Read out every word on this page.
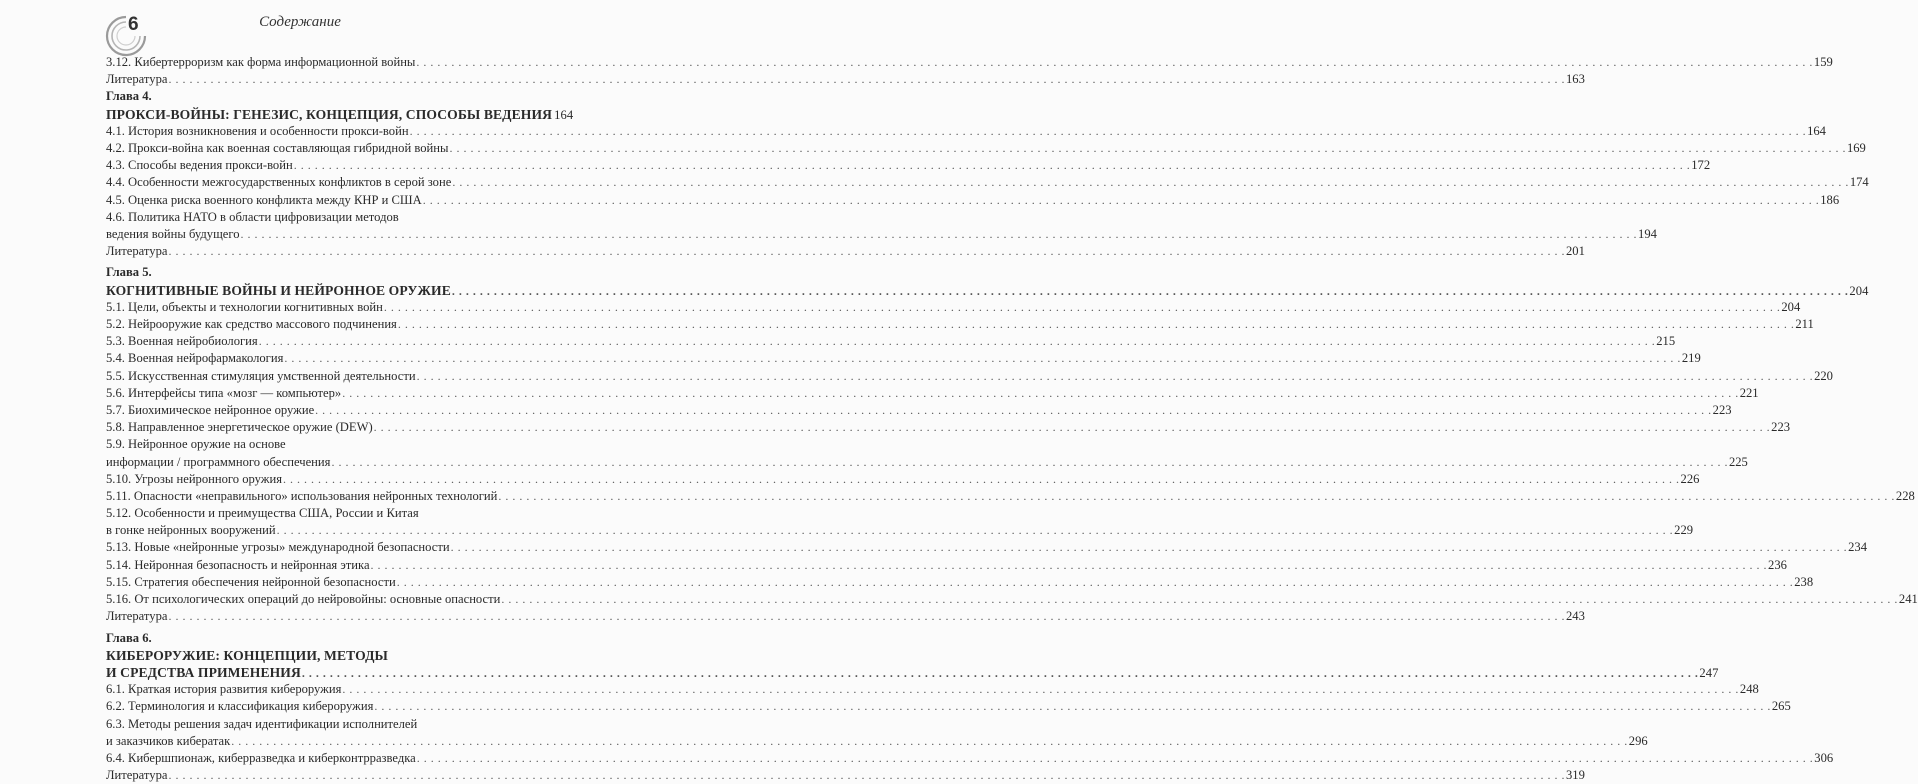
6	Содержание
3.12. Кибертерроризм как форма информационной войны . . . . . . . . . . . . . . . . . . . . . . . . . . . . . . . . . . . . . . . . . . . . . . . . . . . . . . . . . . . . . . . . . . . . . . . . . . . . . . . . . . . . . . . . . . . . . . . . . . . . . . . . . . . . . . . . . . . . . . . . . . . . . . . . . . . . . . . . . . . . . . . . . . . . . . . . . . . . . . . . . . . . . . . . . . . . . . . . . . . . . . . . . . . . . . . . . . . . . . . . 159
Литература . . . . . . . . . . . . . . . . . . . . . . . . . . . . . . . . . . . . . . . . . . . . . . . . . . . . . . . . . . . . . . . . . . . . . . . . . . . . . . . . . . . . . . . . . . . . . . . . . . . . . . . . . . . . . . . . . . . . . . . . . . . . . . . . . . . . . . . . . . . . . . . . . . . . . . . . . . . . . . . . . . . . . . . . . . . . . . . . . . . . . . . . . . . . . . . . . . . . . . . . 163
Глава 4.
ПРОКСИ-ВОЙНЫ: ГЕНЕЗИС, КОНЦЕПЦИЯ, СПОСОБЫ ВЕДЕНИЯ 164
4.1. История возникновения и особенности прокси-войн . . . . . . . . . . . . . . . . . . . . . . . . . . . . . . . . . . . . . . . . . . . . . . . . . . . . . . . . . . . . . . . . . . . . . . . . . . . . . . . . . . . . . . . . . . . . . . . . . . . . . . . . . . . . . . . . . . . . . . . . . . . . . . . . . . . . . . . . . . . . . . . . . . . . . . . . . . . . . . . . . . . . . . . . . . . . . . . . . . . . . . . . . . . . . . . . . . . . . . . . 164
4.2. Прокси-война как военная составляющая гибридной войны . . . . . . . . . . . . . . . . . . . . . . . . . . . . . . . . . . . . . . . . . . . . . . . . . . . . . . . . . . . . . . . . . . . . . . . . . . . . . . . . . . . . . . . . . . . . . . . . . . . . . . . . . . . . . . . . . . . . . . . . . . . . . . . . . . . . . . . . . . . . . . . . . . . . . . . . . . . . . . . . . . . . . . . . . . . . . . . . . . . . . . . . . . . . . . . . . . . . . . . . 169
4.3. Способы ведения прокси-войн . . . . . . . . . . . . . . . . . . . . . . . . . . . . . . . . . . . . . . . . . . . . . . . . . . . . . . . . . . . . . . . . . . . . . . . . . . . . . . . . . . . . . . . . . . . . . . . . . . . . . . . . . . . . . . . . . . . . . . . . . . . . . . . . . . . . . . . . . . . . . . . . . . . . . . . . . . . . . . . . . . . . . . . . . . . . . . . . . . . . . . . . . . . . . . . . . . . . . . . . 172
4.4. Особенности межгосударственных конфликтов в серой зоне . . . . . . . . . . . . . . . . . . . . . . . . . . . . . . . . . . . . . . . . . . . . . . . . . . . . . . . . . . . . . . . . . . . . . . . . . . . . . . . . . . . . . . . . . . . . . . . . . . . . . . . . . . . . . . . . . . . . . . . . . . . . . . . . . . . . . . . . . . . . . . . . . . . . . . . . . . . . . . . . . . . . . . . . . . . . . . . . . . . . . . . . . . . . . . . . . . . . . . . . 174
4.5. Оценка риска военного конфликта между КНР и США . . . . . . . . . . . . . . . . . . . . . . . . . . . . . . . . . . . . . . . . . . . . . . . . . . . . . . . . . . . . . . . . . . . . . . . . . . . . . . . . . . . . . . . . . . . . . . . . . . . . . . . . . . . . . . . . . . . . . . . . . . . . . . . . . . . . . . . . . . . . . . . . . . . . . . . . . . . . . . . . . . . . . . . . . . . . . . . . . . . . . . . . . . . . . . . . . . . . . . . . 186
4.6. Политика НАТО в области цифровизации методов
ведения войны будущего . . . . . . . . . . . . . . . . . . . . . . . . . . . . . . . . . . . . . . . . . . . . . . . . . . . . . . . . . . . . . . . . . . . . . . . . . . . . . . . . . . . . . . . . . . . . . . . . . . . . . . . . . . . . . . . . . . . . . . . . . . . . . . . . . . . . . . . . . . . . . . . . . . . . . . . . . . . . . . . . . . . . . . . . . . . . . . . . . . . . . . . . . . . . . . . . . . . . . . . . 194
Литература . . . . . . . . . . . . . . . . . . . . . . . . . . . . . . . . . . . . . . . . . . . . . . . . . . . . . . . . . . . . . . . . . . . . . . . . . . . . . . . . . . . . . . . . . . . . . . . . . . . . . . . . . . . . . . . . . . . . . . . . . . . . . . . . . . . . . . . . . . . . . . . . . . . . . . . . . . . . . . . . . . . . . . . . . . . . . . . . . . . . . . . . . . . . . . . . . . . . . . . . 201
Глава 5.
КОГНИТИВНЫЕ ВОЙНЫ И НЕЙРОННОЕ ОРУЖИЕ . . . . . . . . . . . . . . . . . . . . . . . . . . . . . . . . . . . . . . . . . . . . . . . . . . . . . . . . . . . . . . . . . . . . . . . . . . . . . . . . . . . . . . . . . . . . . . . . . . . . . . . . . . . . . . . . . . . . . . . . . . . . . . . . . . . . . . . . . . . . . . . . . . . . . . . . . . . . . . . . . . . . . . . . . . . . . . . . . . . . . . . . . . . . . . . . . . . . . . . . 204
5.1. Цели, объекты и технологии когнитивных войн . . . . . . . . . . . . . . . . . . . . . . . . . . . . . . . . . . . . . . . . . . . . . . . . . . . . . . . . . . . . . . . . . . . . . . . . . . . . . . . . . . . . . . . . . . . . . . . . . . . . . . . . . . . . . . . . . . . . . . . . . . . . . . . . . . . . . . . . . . . . . . . . . . . . . . . . . . . . . . . . . . . . . . . . . . . . . . . . . . . . . . . . . . . . . . . . . . . . . . . . 204
5.2. Нейрооружие как средство массового подчинения . . . . . . . . . . . . . . . . . . . . . . . . . . . . . . . . . . . . . . . . . . . . . . . . . . . . . . . . . . . . . . . . . . . . . . . . . . . . . . . . . . . . . . . . . . . . . . . . . . . . . . . . . . . . . . . . . . . . . . . . . . . . . . . . . . . . . . . . . . . . . . . . . . . . . . . . . . . . . . . . . . . . . . . . . . . . . . . . . . . . . . . . . . . . . . . . . . . . . . . . 211
5.3. Военная нейробиология . . . . . . . . . . . . . . . . . . . . . . . . . . . . . . . . . . . . . . . . . . . . . . . . . . . . . . . . . . . . . . . . . . . . . . . . . . . . . . . . . . . . . . . . . . . . . . . . . . . . . . . . . . . . . . . . . . . . . . . . . . . . . . . . . . . . . . . . . . . . . . . . . . . . . . . . . . . . . . . . . . . . . . . . . . . . . . . . . . . . . . . . . . . . . . . . . . . . . . . . 215
5.4. Военная нейрофармакология . . . . . . . . . . . . . . . . . . . . . . . . . . . . . . . . . . . . . . . . . . . . . . . . . . . . . . . . . . . . . . . . . . . . . . . . . . . . . . . . . . . . . . . . . . . . . . . . . . . . . . . . . . . . . . . . . . . . . . . . . . . . . . . . . . . . . . . . . . . . . . . . . . . . . . . . . . . . . . . . . . . . . . . . . . . . . . . . . . . . . . . . . . . . . . . . . . . . . . . . 219
5.5. Искусственная стимуляция умственной деятельности . . . . . . . . . . . . . . . . . . . . . . . . . . . . . . . . . . . . . . . . . . . . . . . . . . . . . . . . . . . . . . . . . . . . . . . . . . . . . . . . . . . . . . . . . . . . . . . . . . . . . . . . . . . . . . . . . . . . . . . . . . . . . . . . . . . . . . . . . . . . . . . . . . . . . . . . . . . . . . . . . . . . . . . . . . . . . . . . . . . . . . . . . . . . . . . . . . . . . . . . 220
5.6. Интерфейсы типа «мозг — компьютер» . . . . . . . . . . . . . . . . . . . . . . . . . . . . . . . . . . . . . . . . . . . . . . . . . . . . . . . . . . . . . . . . . . . . . . . . . . . . . . . . . . . . . . . . . . . . . . . . . . . . . . . . . . . . . . . . . . . . . . . . . . . . . . . . . . . . . . . . . . . . . . . . . . . . . . . . . . . . . . . . . . . . . . . . . . . . . . . . . . . . . . . . . . . . . . . . . . . . . . . . 221
5.7. Биохимическое нейронное оружие . . . . . . . . . . . . . . . . . . . . . . . . . . . . . . . . . . . . . . . . . . . . . . . . . . . . . . . . . . . . . . . . . . . . . . . . . . . . . . . . . . . . . . . . . . . . . . . . . . . . . . . . . . . . . . . . . . . . . . . . . . . . . . . . . . . . . . . . . . . . . . . . . . . . . . . . . . . . . . . . . . . . . . . . . . . . . . . . . . . . . . . . . . . . . . . . . . . . . . . . 223
5.8. Направленное энергетическое оружие (DEW) . . . . . . . . . . . . . . . . . . . . . . . . . . . . . . . . . . . . . . . . . . . . . . . . . . . . . . . . . . . . . . . . . . . . . . . . . . . . . . . . . . . . . . . . . . . . . . . . . . . . . . . . . . . . . . . . . . . . . . . . . . . . . . . . . . . . . . . . . . . . . . . . . . . . . . . . . . . . . . . . . . . . . . . . . . . . . . . . . . . . . . . . . . . . . . . . . . . . . . . . 223
5.9. Нейронное оружие на основе
информации / программного обеспечения . . . . . . . . . . . . . . . . . . . . . . . . . . . . . . . . . . . . . . . . . . . . . . . . . . . . . . . . . . . . . . . . . . . . . . . . . . . . . . . . . . . . . . . . . . . . . . . . . . . . . . . . . . . . . . . . . . . . . . . . . . . . . . . . . . . . . . . . . . . . . . . . . . . . . . . . . . . . . . . . . . . . . . . . . . . . . . . . . . . . . . . . . . . . . . . . . . . . . . . . 225
5.10. Угрозы нейронного оружия . . . . . . . . . . . . . . . . . . . . . . . . . . . . . . . . . . . . . . . . . . . . . . . . . . . . . . . . . . . . . . . . . . . . . . . . . . . . . . . . . . . . . . . . . . . . . . . . . . . . . . . . . . . . . . . . . . . . . . . . . . . . . . . . . . . . . . . . . . . . . . . . . . . . . . . . . . . . . . . . . . . . . . . . . . . . . . . . . . . . . . . . . . . . . . . . . . . . . . . . 226
5.11. Опасности «неправильного» использования нейронных технологий . . . . . . . . . . . . . . . . . . . . . . . . . . . . . . . . . . . . . . . . . . . . . . . . . . . . . . . . . . . . . . . . . . . . . . . . . . . . . . . . . . . . . . . . . . . . . . . . . . . . . . . . . . . . . . . . . . . . . . . . . . . . . . . . . . . . . . . . . . . . . . . . . . . . . . . . . . . . . . . . . . . . . . . . . . . . . . . . . . . . . . . . . . . . . . . . . . . . . . . . 228
5.12. Особенности и преимущества США, России и Китая
в гонке нейронных вооружений . . . . . . . . . . . . . . . . . . . . . . . . . . . . . . . . . . . . . . . . . . . . . . . . . . . . . . . . . . . . . . . . . . . . . . . . . . . . . . . . . . . . . . . . . . . . . . . . . . . . . . . . . . . . . . . . . . . . . . . . . . . . . . . . . . . . . . . . . . . . . . . . . . . . . . . . . . . . . . . . . . . . . . . . . . . . . . . . . . . . . . . . . . . . . . . . . . . . . . . . 229
5.13. Новые «нейронные угрозы» международной безопасности . . . . . . . . . . . . . . . . . . . . . . . . . . . . . . . . . . . . . . . . . . . . . . . . . . . . . . . . . . . . . . . . . . . . . . . . . . . . . . . . . . . . . . . . . . . . . . . . . . . . . . . . . . . . . . . . . . . . . . . . . . . . . . . . . . . . . . . . . . . . . . . . . . . . . . . . . . . . . . . . . . . . . . . . . . . . . . . . . . . . . . . . . . . . . . . . . . . . . . . . 234
5.14. Нейронная безопасность и нейронная этика . . . . . . . . . . . . . . . . . . . . . . . . . . . . . . . . . . . . . . . . . . . . . . . . . . . . . . . . . . . . . . . . . . . . . . . . . . . . . . . . . . . . . . . . . . . . . . . . . . . . . . . . . . . . . . . . . . . . . . . . . . . . . . . . . . . . . . . . . . . . . . . . . . . . . . . . . . . . . . . . . . . . . . . . . . . . . . . . . . . . . . . . . . . . . . . . . . . . . . . . 236
5.15. Стратегия обеспечения нейронной безопасности . . . . . . . . . . . . . . . . . . . . . . . . . . . . . . . . . . . . . . . . . . . . . . . . . . . . . . . . . . . . . . . . . . . . . . . . . . . . . . . . . . . . . . . . . . . . . . . . . . . . . . . . . . . . . . . . . . . . . . . . . . . . . . . . . . . . . . . . . . . . . . . . . . . . . . . . . . . . . . . . . . . . . . . . . . . . . . . . . . . . . . . . . . . . . . . . . . . . . . . . 238
5.16. От психологических операций до нейровойны: основные опасности . . . . . . . . . . . . . . . . . . . . . . . . . . . . . . . . . . . . . . . . . . . . . . . . . . . . . . . . . . . . . . . . . . . . . . . . . . . . . . . . . . . . . . . . . . . . . . . . . . . . . . . . . . . . . . . . . . . . . . . . . . . . . . . . . . . . . . . . . . . . . . . . . . . . . . . . . . . . . . . . . . . . . . . . . . . . . . . . . . . . . . . . . . . . . . . . . . . . . . . . 241
Литература . . . . . . . . . . . . . . . . . . . . . . . . . . . . . . . . . . . . . . . . . . . . . . . . . . . . . . . . . . . . . . . . . . . . . . . . . . . . . . . . . . . . . . . . . . . . . . . . . . . . . . . . . . . . . . . . . . . . . . . . . . . . . . . . . . . . . . . . . . . . . . . . . . . . . . . . . . . . . . . . . . . . . . . . . . . . . . . . . . . . . . . . . . . . . . . . . . . . . . . . 243
Глава 6.
КИБЕРОРУЖИЕ: КОНЦЕПЦИИ, МЕТОДЫ
И СРЕДСТВА ПРИМЕНЕНИЯ . . . . . . . . . . . . . . . . . . . . . . . . . . . . . . . . . . . . . . . . . . . . . . . . . . . . . . . . . . . . . . . . . . . . . . . . . . . . . . . . . . . . . . . . . . . . . . . . . . . . . . . . . . . . . . . . . . . . . . . . . . . . . . . . . . . . . . . . . . . . . . . . . . . . . . . . . . . . . . . . . . . . . . . . . . . . . . . . . . . . . . . . . . . . . . . . . . . . . . . . 247
6.1. Краткая история развития кибероружия . . . . . . . . . . . . . . . . . . . . . . . . . . . . . . . . . . . . . . . . . . . . . . . . . . . . . . . . . . . . . . . . . . . . . . . . . . . . . . . . . . . . . . . . . . . . . . . . . . . . . . . . . . . . . . . . . . . . . . . . . . . . . . . . . . . . . . . . . . . . . . . . . . . . . . . . . . . . . . . . . . . . . . . . . . . . . . . . . . . . . . . . . . . . . . . . . . . . . . . . 248
6.2. Терминология и классификация кибероружия . . . . . . . . . . . . . . . . . . . . . . . . . . . . . . . . . . . . . . . . . . . . . . . . . . . . . . . . . . . . . . . . . . . . . . . . . . . . . . . . . . . . . . . . . . . . . . . . . . . . . . . . . . . . . . . . . . . . . . . . . . . . . . . . . . . . . . . . . . . . . . . . . . . . . . . . . . . . . . . . . . . . . . . . . . . . . . . . . . . . . . . . . . . . . . . . . . . . . . . . 265
6.3. Методы решения задач идентификации исполнителей
и заказчиков кибератак . . . . . . . . . . . . . . . . . . . . . . . . . . . . . . . . . . . . . . . . . . . . . . . . . . . . . . . . . . . . . . . . . . . . . . . . . . . . . . . . . . . . . . . . . . . . . . . . . . . . . . . . . . . . . . . . . . . . . . . . . . . . . . . . . . . . . . . . . . . . . . . . . . . . . . . . . . . . . . . . . . . . . . . . . . . . . . . . . . . . . . . . . . . . . . . . . . . . . . . . 296
6.4. Кибершпионаж, киберразведка и киберконтрразведка . . . . . . . . . . . . . . . . . . . . . . . . . . . . . . . . . . . . . . . . . . . . . . . . . . . . . . . . . . . . . . . . . . . . . . . . . . . . . . . . . . . . . . . . . . . . . . . . . . . . . . . . . . . . . . . . . . . . . . . . . . . . . . . . . . . . . . . . . . . . . . . . . . . . . . . . . . . . . . . . . . . . . . . . . . . . . . . . . . . . . . . . . . . . . . . . . . . . . . . . 306
Литература . . . . . . . . . . . . . . . . . . . . . . . . . . . . . . . . . . . . . . . . . . . . . . . . . . . . . . . . . . . . . . . . . . . . . . . . . . . . . . . . . . . . . . . . . . . . . . . . . . . . . . . . . . . . . . . . . . . . . . . . . . . . . . . . . . . . . . . . . . . . . . . . . . . . . . . . . . . . . . . . . . . . . . . . . . . . . . . . . . . . . . . . . . . . . . . . . . . . . . . . 319
